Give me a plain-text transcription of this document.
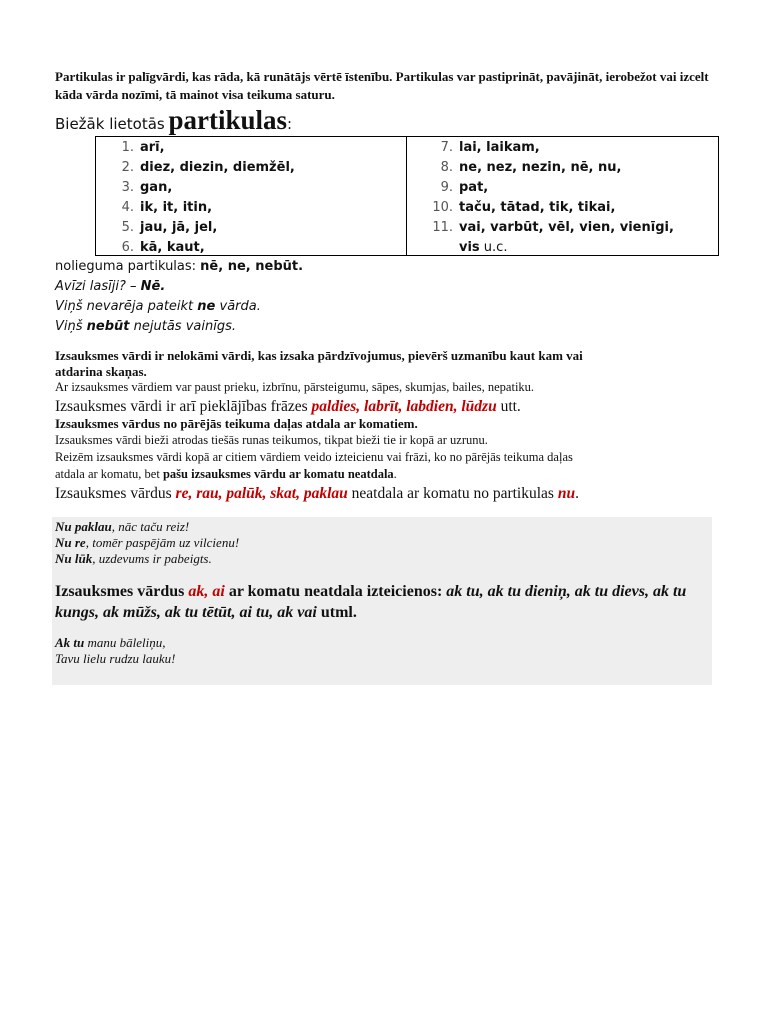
Partikulas ir palīgvārdi, kas rāda, kā runātājs vērtē īstenību. Partikulas var pastiprināt, pavājināt, ierobežot vai izcelt kāda vārda nozīmi, tā mainot visa teikuma saturu.
Biežāk lietotās partikulas:
1. arī,
2. diez, diezin, diemžēl,
3. gan,
4. ik, it, itin,
5. jau, jā, jel,
6. kā, kaut,
7. lai, laikam,
8. ne, nez, nezin, nē, nu,
9. pat,
10. taču, tātad, tik, tikai,
11. vai, varbūt, vēl, vien, vienīgi,
vis u.c.
nolieguma partikulas: nē, ne, nebūt.
Avīzi lasīji? – Nē.
Viņš nevarēja pateikt ne vārda.
Viņš nebūt nejutās vainīgs.
Izsauksmes vārdi ir nelokāmi vārdi, kas izsaka pārdzīvojumus, pievērš uzmanību kaut kam vai
atdarina skaņas.
Ar izsauksmes vārdiem var paust prieku, izbrīnu, pārsteigumu, sāpes, skumjas, bailes, nepatiku.
Izsauksmes vārdi ir arī pieklājības frāzes paldies, labrīt, labdien, lūdzu utt.
Izsauksmes vārdus no pārējās teikuma daļas atdala ar komatiem.
Izsauksmes vārdi bieži atrodas tiešās runas teikumos, tikpat bieži tie ir kopā ar uzrunu.
Reizēm izsauksmes vārdi kopā ar citiem vārdiem veido izteicienu vai frāzi, ko no pārējās teikuma daļas
atdala ar komatu, bet pašu izsauksmes vārdu ar komatu neatdala.
Izsauksmes vārdus re, rau, palūk, skat, paklau neatdala ar komatu no partikulas nu.
Nu paklau, nāc taču reiz!
Nu re, tomēr paspējām uz vilcienu!
Nu lūk, uzdevums ir pabeigts.
Izsauksmes vārdus ak, ai ar komatu neatdala izteicienos: ak tu, ak tu dieniņ, ak tu dievs, ak tu kungs, ak mūžs, ak tu tētūt, ai tu, ak vai utml.
Ak tu manu bāleliņu,
Tavu lielu rudzu lauku!
